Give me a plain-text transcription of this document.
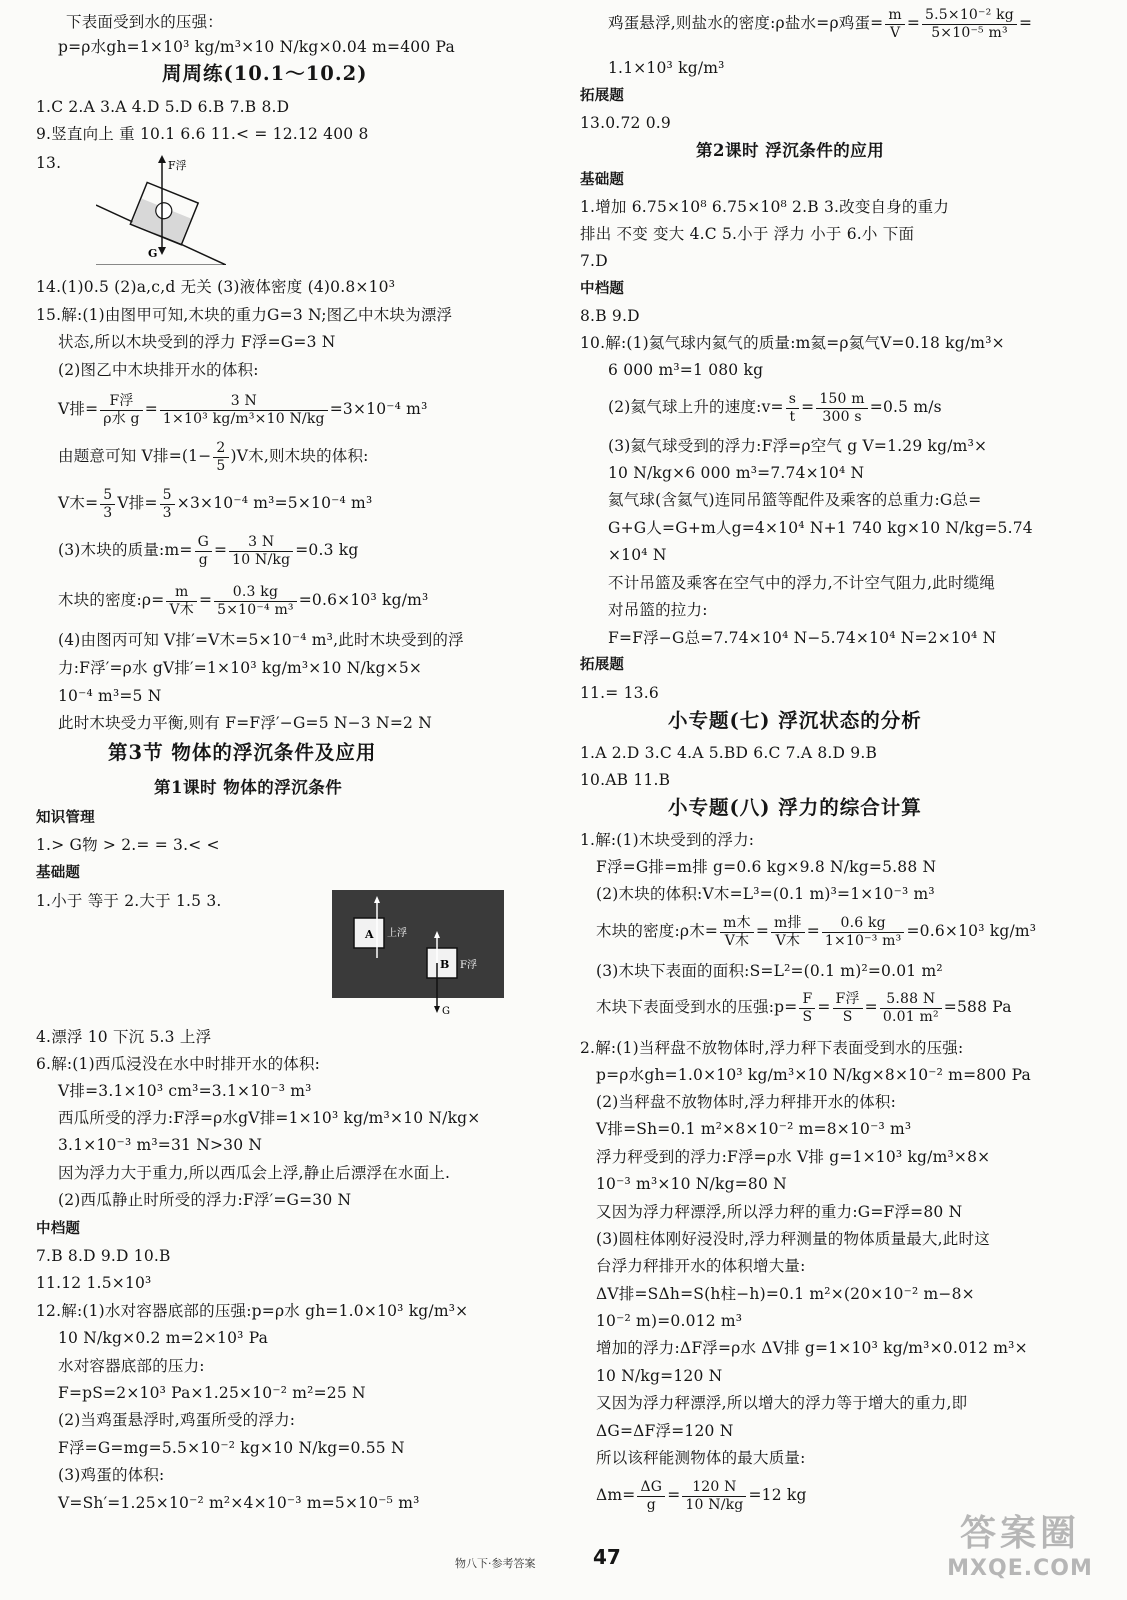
下表面受到水的压强：
p=ρ水gh=1×10³ kg/m³×10 N/kg×0.04 m=400 Pa
周周练(10.1～10.2)
1.C 2.A 3.A 4.D 5.D 6.B 7.B 8.D
9.竖直向上 重 10.1 6.6 11.< = 12.12 400 8
13.	F浮
G
14.(1)0.5 (2)a,c,d 无关 (3)液体密度 (4)0.8×10³
15.解:(1)由图甲可知,木块的重力G=3 N;图乙中木块为漂浮
状态,所以木块受到的浮力 F浮=G=3 N
(2)图乙中木块排开水的体积:
V排= $\frac{\text{F浮}}{\text{ρ水 g}} = \frac{3 N}{\text{1×10³ kg/m³×10 N/kg}} =3\times 10^{-4}$ m³
由题意可知 V排$=(1- \frac{2}{5} )V$木,则木块的体积:
V木= $\frac{5}{3}$ V排= $\frac{5}{3} \times 3\times 10^{-4}$ m³=5×10⁻⁴ m³
(3)木块的质量:m= $\frac{G}{g} = \frac{3 N}{10 N/kg} =0.3$ kg
木块的密度:ρ= $\frac{m}{\text{V木}} = \frac{0.3 kg}{\text{5×10⁻⁴ m³}} =0.6\times 10^3$ kg/m³
(4)由图丙可知 V排′=V木=5×10⁻⁴ m³,此时木块受到的浮
力:F浮′=ρ水 gV排′=1×10³ kg/m³×10 N/kg×5×
10⁻⁴ m³=5 N
此时木块受力平衡,则有 F=F浮′−G=5 N−3 N=2 N
第3节 物体的浮沉条件及应用
第1课时 物体的浮沉条件
知识管理
1.> G物 > 2.= = 3.< <
基础题
1.小于 等于 2.大于 1.5 3.
A
B
上浮
F浮
G
4.漂浮 10 下沉 5.3 上浮
6.解:(1)西瓜浸没在水中时排开水的体积:
V排=3.1×10³ cm³=3.1×10⁻³ m³
西瓜所受的浮力:F浮=ρ水gV排=1×10³ kg/m³×10 N/kg×
3.1×10⁻³ m³=31 N>30 N
因为浮力大于重力,所以西瓜会上浮,静止后漂浮在水面上.
(2)西瓜静止时所受的浮力:F浮′=G=30 N
中档题
7.B 8.D 9.D 10.B
11.12 1.5×10³
12.解:(1)水对容器底部的压强:p=ρ水 gh=1.0×10³ kg/m³×
10 N/kg×0.2 m=2×10³ Pa
水对容器底部的压力:
F=pS=2×10³ Pa×1.25×10⁻² m²=25 N
(2)当鸡蛋悬浮时,鸡蛋所受的浮力:
F浮=G=mg=5.5×10⁻² kg×10 N/kg=0.55 N
(3)鸡蛋的体积:
V=Sh′=1.25×10⁻² m²×4×10⁻³ m=5×10⁻⁵ m³
鸡蛋悬浮,则盐水的密度:ρ盐水=ρ鸡蛋= $\frac{m}{V} = \frac{\text{5.5×10⁻² kg}}{\text{5×10⁻⁵ m³}}$ =
1.1×10³ kg/m³
拓展题
13.0.72 0.9
第2课时 浮沉条件的应用
基础题
1.增加 6.75×10⁸ 6.75×10⁸ 2.B 3.改变自身的重力
排出 不变 变大 4.C 5.小于 浮力 小于 6.小 下面
7.D
中档题
8.B 9.D
10.解:(1)氦气球内氦气的质量:m氦=ρ氦气V=0.18 kg/m³×
6 000 m³=1 080 kg
(2)氦气球上升的速度:v= $\frac{s}{t} = \frac{150 m}{300 s} =0.5$ m/s
(3)氦气球受到的浮力:F浮=ρ空气 g V=1.29 kg/m³×
10 N/kg×6 000 m³=7.74×10⁴ N
氦气球(含氦气)连同吊篮等配件及乘客的总重力:G总=
G+G人=G+m人g=4×10⁴ N+1 740 kg×10 N/kg=5.74
×10⁴ N
不计吊篮及乘客在空气中的浮力,不计空气阻力,此时缆绳
对吊篮的拉力:
F=F浮−G总=7.74×10⁴ N−5.74×10⁴ N=2×10⁴ N
拓展题
11.= 13.6
小专题(七) 浮沉状态的分析
1.A 2.D 3.C 4.A 5.BD 6.C 7.A 8.D 9.B
10.AB 11.B
小专题(八) 浮力的综合计算
1.解:(1)木块受到的浮力:
F浮=G排=m排 g=0.6 kg×9.8 N/kg=5.88 N
(2)木块的体积:V木=L³=(0.1 m)³=1×10⁻³ m³
木块的密度:ρ木= $\frac{\text{m木}}{\text{V木}} = \frac{\text{m排}}{\text{V木}} = \frac{0.6 kg}{\text{1×10⁻³ m³}} =0.6\times 10^3$ kg/m³
(3)木块下表面的面积:S=L²=(0.1 m)²=0.01 m²
木块下表面受到水的压强:p= $\frac{F}{S} = \frac{\text{F浮}}{S} = \frac{5.88 N}{\text{0.01 m²}} =588$ Pa
2.解:(1)当秤盘不放物体时,浮力秤下表面受到水的压强:
p=ρ水gh=1.0×10³ kg/m³×10 N/kg×8×10⁻² m=800 Pa
(2)当秤盘不放物体时,浮力秤排开水的体积:
V排=Sh=0.1 m²×8×10⁻² m=8×10⁻³ m³
浮力秤受到的浮力:F浮=ρ水 V排 g=1×10³ kg/m³×8×
10⁻³ m³×10 N/kg=80 N
又因为浮力秤漂浮,所以浮力秤的重力:G=F浮=80 N
(3)圆柱体刚好浸没时,浮力秤测量的物体质量最大,此时这
台浮力秤排开水的体积增大量:
ΔV排=SΔh=S(h柱−h)=0.1 m²×(20×10⁻² m−8×
10⁻² m)=0.012 m³
增加的浮力:ΔF浮=ρ水 ΔV排 g=1×10³ kg/m³×0.012 m³×
10 N/kg=120 N
又因为浮力秤漂浮,所以增大的浮力等于增大的重力,即
ΔG=ΔF浮=120 N
所以该秤能测物体的最大质量:
$\Delta m= \frac{\Delta G}{g} = \frac{120 N}{10 N/kg} =12$ kg
物八下·参考答案	47
答案圈
MXQE.COM
